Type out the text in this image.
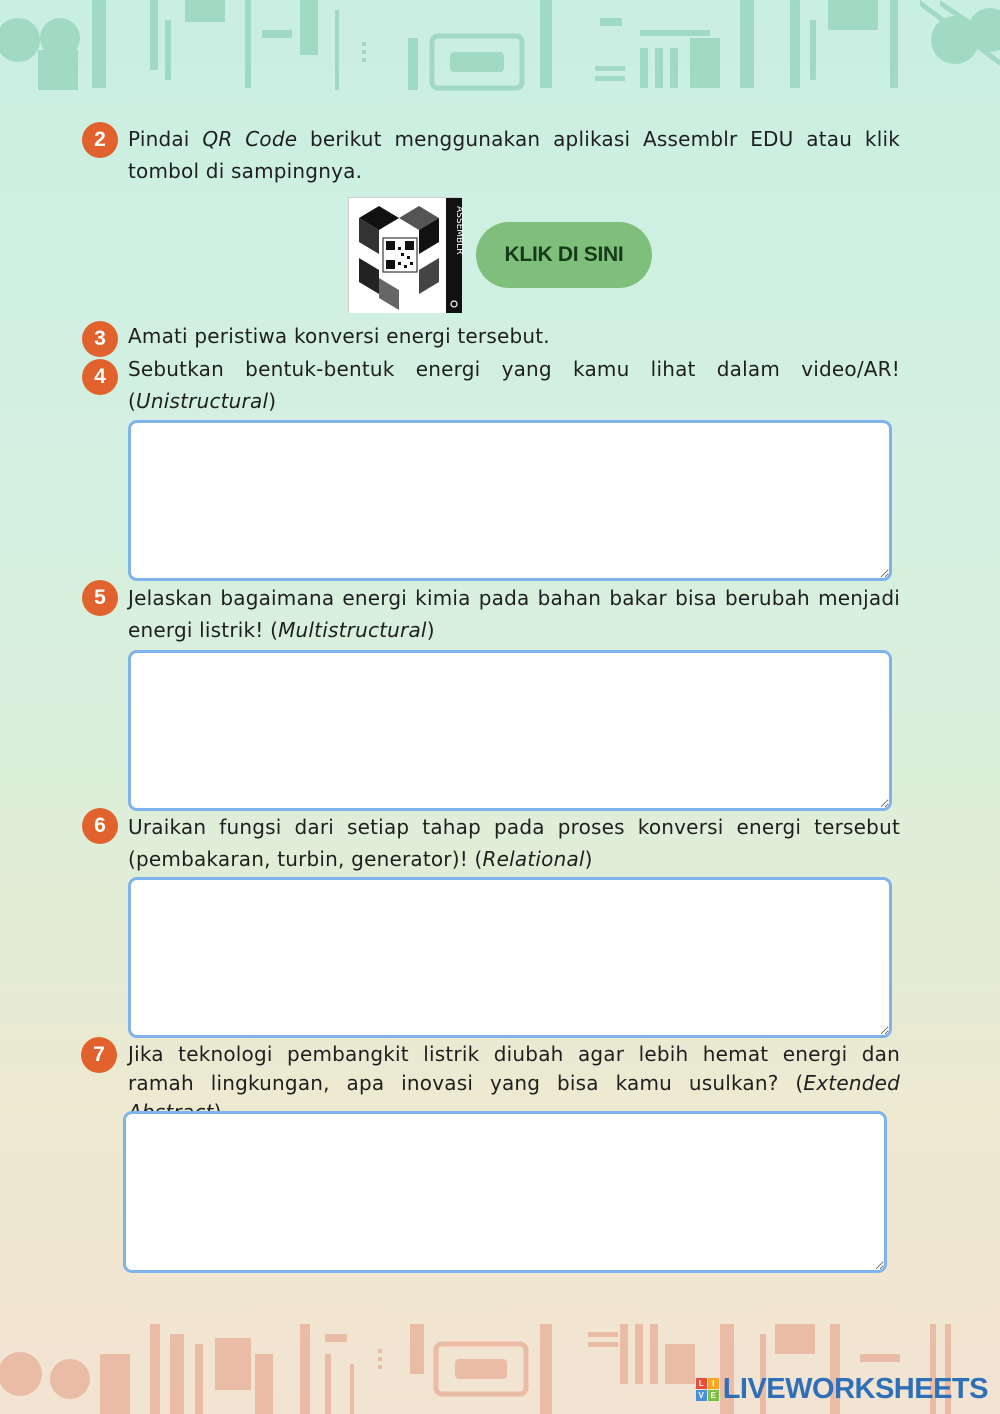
2	Pindai QR Code berikut menggunakan aplikasi Assemblr EDU atau klik tombol di sampingnya.
ASSEMBLR
KLIK DI SINI
3	Amati peristiwa konversi energi tersebut.
4	Sebutkan bentuk-bentuk energi yang kamu lihat dalam video/AR! (Unistructural)
5	Jelaskan bagaimana energi kimia pada bahan bakar bisa berubah menjadi energi listrik! (Multistructural)
6	Uraikan fungsi dari setiap tahap pada proses konversi energi tersebut (pembakaran, turbin, generator)! (Relational)
7	Jika teknologi pembangkit listrik diubah agar lebih hemat energi dan ramah lingkungan, apa inovasi yang bisa kamu usulkan? (Extended
L	I
V E LIVEWORKSHEETS
